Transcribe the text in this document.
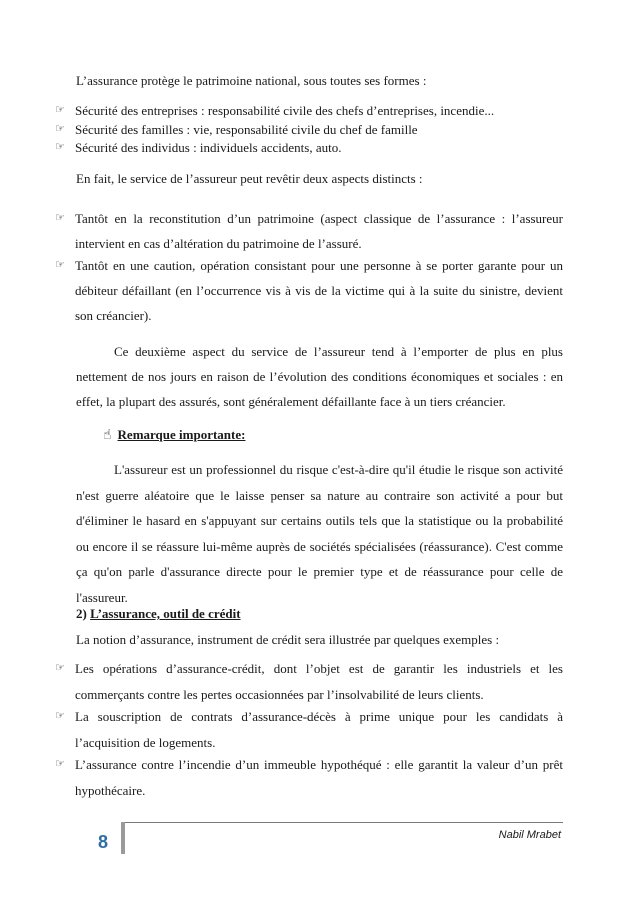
L’assurance protège le patrimoine national, sous toutes ses formes :

☞ Sécurité des entreprises : responsabilité civile des chefs d’entreprises, incendie...
☞ Sécurité des familles : vie, responsabilité civile du chef de famille
☞ Sécurité des individus : individuels accidents, auto.

En fait, le service de l’assureur peut revêtir deux aspects distincts :

☞ Tantôt en la reconstitution d’un patrimoine (aspect classique de l’assurance : l’assureur intervient en cas d’altération du patrimoine de l’assuré.
☞ Tantôt en une caution, opération consistant pour une personne à se porter garante pour un débiteur défaillant (en l’occurrence vis à vis de la victime qui à la suite du sinistre, devient son créancier).
Ce deuxième aspect du service de l’assureur tend à l’emporter de plus en plus nettement de nos jours en raison de l’évolution des conditions économiques et sociales : en effet, la plupart des assurés, sont généralement défaillante face à un tiers créancier.
☝ Remarque importante:
L'assureur est un professionnel du risque c'est-à-dire qu'il étudie le risque son activité n'est guerre aléatoire que le laisse penser sa nature au contraire son activité a pour but d'éliminer le hasard en s'appuyant sur certains outils tels que la statistique ou la probabilité ou encore il se réassure lui-même auprès de sociétés spécialisées (réassurance). C'est comme ça qu'on parle d'assurance directe pour le premier type et de réassurance pour celle de l'assureur.
2) L’assurance, outil de crédit

La notion d’assurance, instrument de crédit sera illustrée par quelques exemples :

☞ Les opérations d’assurance-crédit, dont l’objet est de garantir les industriels et les commerçants contre les pertes occasionnées par l’insolvabilité de leurs clients.
☞ La souscription de contrats d’assurance-décès à prime unique pour les candidats à l’acquisition de logements.
☞ L’assurance contre l’incendie d’un immeuble hypothéqué : elle garantit la valeur d’un prêt hypothécaire.
8	Nabil Mrabet
